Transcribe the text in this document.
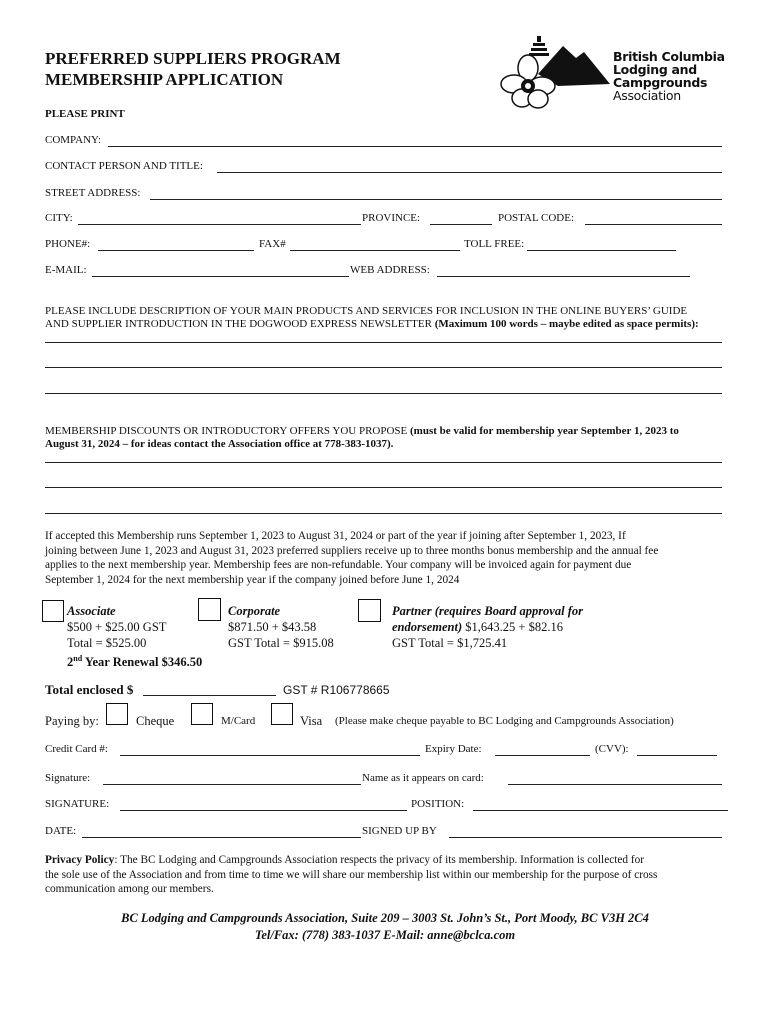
PREFERRED SUPPLIERS PROGRAM
MEMBERSHIP APPLICATION
PLEASE PRINT
British Columbia
Lodging and
Campgrounds
Association
COMPANY:
CONTACT PERSON AND TITLE:
STREET ADDRESS:
CITY:	PROVINCE:	POSTAL CODE:
PHONE#:	FAX#	TOLL FREE:
E-MAIL:	WEB ADDRESS:
PLEASE INCLUDE DESCRIPTION OF YOUR MAIN PRODUCTS AND SERVICES FOR INCLUSION IN THE ONLINE BUYERS’ GUIDE
AND SUPPLIER INTRODUCTION IN THE DOGWOOD EXPRESS NEWSLETTER (Maximum 100 words – maybe edited as space permits):
MEMBERSHIP DISCOUNTS OR INTRODUCTORY OFFERS YOU PROPOSE (must be valid for membership year September 1, 2023 to
August 31, 2024 – for ideas contact the Association office at 778-383-1037).
If accepted this Membership runs September 1, 2023 to August 31, 2024 or part of the year if joining after September 1, 2023, If
joining between June 1, 2023 and August 31, 2023 preferred suppliers receive up to three months bonus membership and the annual fee
applies to the next membership year. Membership fees are non-refundable. Your company will be invoiced again for payment due
September 1, 2024 for the next membership year if the company joined before June 1, 2024
Associate
$500 + $25.00 GST
Total = $525.00
2nd Year Renewal $346.50
Corporate
$871.50 + $43.58
GST Total = $915.08
Partner (requires Board approval for
endorsement) $1,643.25 + $82.16
GST Total = $1,725.41
Total enclosed $	GST # R106778665
Paying by:	Cheque	M/Card	Visa (Please make cheque payable to BC Lodging and Campgrounds Association)
Credit Card #:	Expiry Date:	(CVV):
Signature:	Name as it appears on card:
SIGNATURE:	POSITION:
DATE:	SIGNED UP BY
Privacy Policy: The BC Lodging and Campgrounds Association respects the privacy of its membership. Information is collected for
the sole use of the Association and from time to time we will share our membership list within our membership for the purpose of cross
communication among our members.
BC Lodging and Campgrounds Association, Suite 209 – 3003 St. John’s St., Port Moody, BC V3H 2C4
Tel/Fax: (778) 383-1037 E-Mail: anne@bclca.com
